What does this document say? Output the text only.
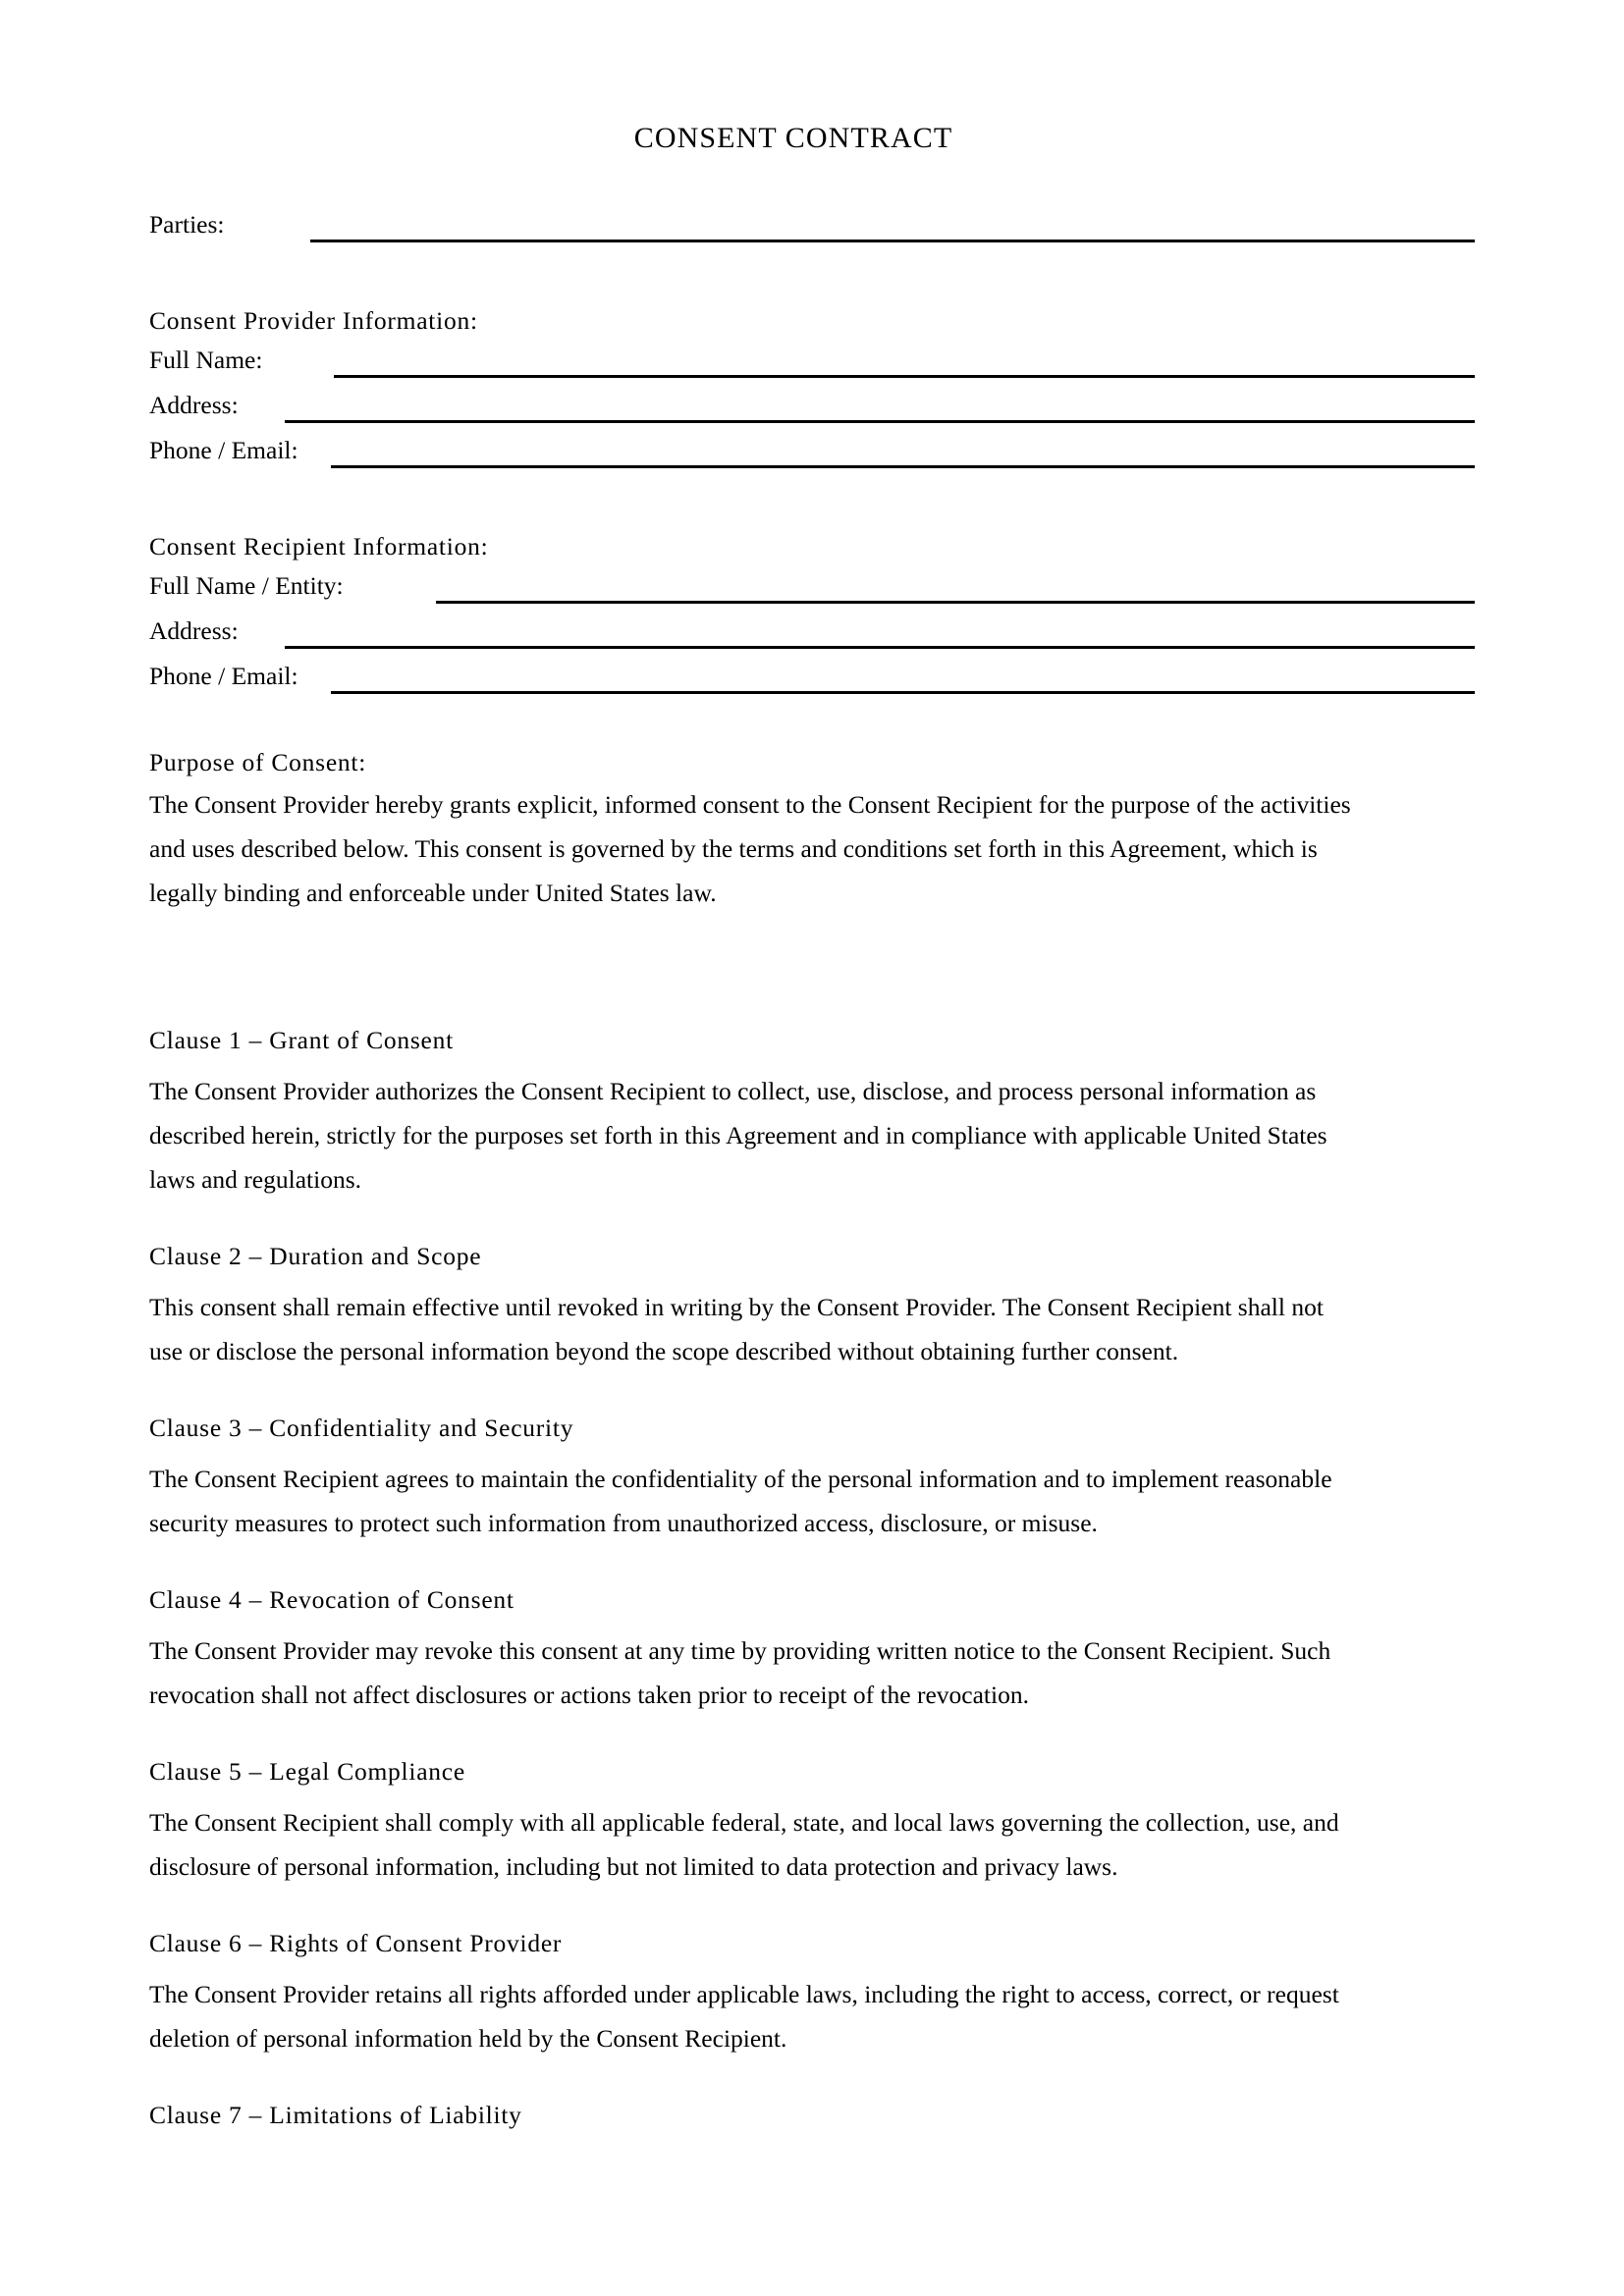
CONSENT CONTRACT
Parties:
Consent Provider Information:
Full Name:
Address:
Phone / Email:
Consent Recipient Information:
Full Name / Entity:
Address:
Phone / Email:
Purpose of Consent:

The Consent Provider hereby grants explicit, informed consent to the Consent Recipient for the purpose of the activities
and uses described below. This consent is governed by the terms and conditions set forth in this Agreement, which is
legally binding and enforceable under United States law.

Clause 1 – Grant of Consent

The Consent Provider authorizes the Consent Recipient to collect, use, disclose, and process personal information as
described herein, strictly for the purposes set forth in this Agreement and in compliance with applicable United States
laws and regulations.

Clause 2 – Duration and Scope

This consent shall remain effective until revoked in writing by the Consent Provider. The Consent Recipient shall not
use or disclose the personal information beyond the scope described without obtaining further consent.

Clause 3 – Confidentiality and Security

The Consent Recipient agrees to maintain the confidentiality of the personal information and to implement reasonable
security measures to protect such information from unauthorized access, disclosure, or misuse.

Clause 4 – Revocation of Consent

The Consent Provider may revoke this consent at any time by providing written notice to the Consent Recipient. Such
revocation shall not affect disclosures or actions taken prior to receipt of the revocation.

Clause 5 – Legal Compliance

The Consent Recipient shall comply with all applicable federal, state, and local laws governing the collection, use, and
disclosure of personal information, including but not limited to data protection and privacy laws.

Clause 6 – Rights of Consent Provider

The Consent Provider retains all rights afforded under applicable laws, including the right to access, correct, or request
deletion of personal information held by the Consent Recipient.

Clause 7 – Limitations of Liability
